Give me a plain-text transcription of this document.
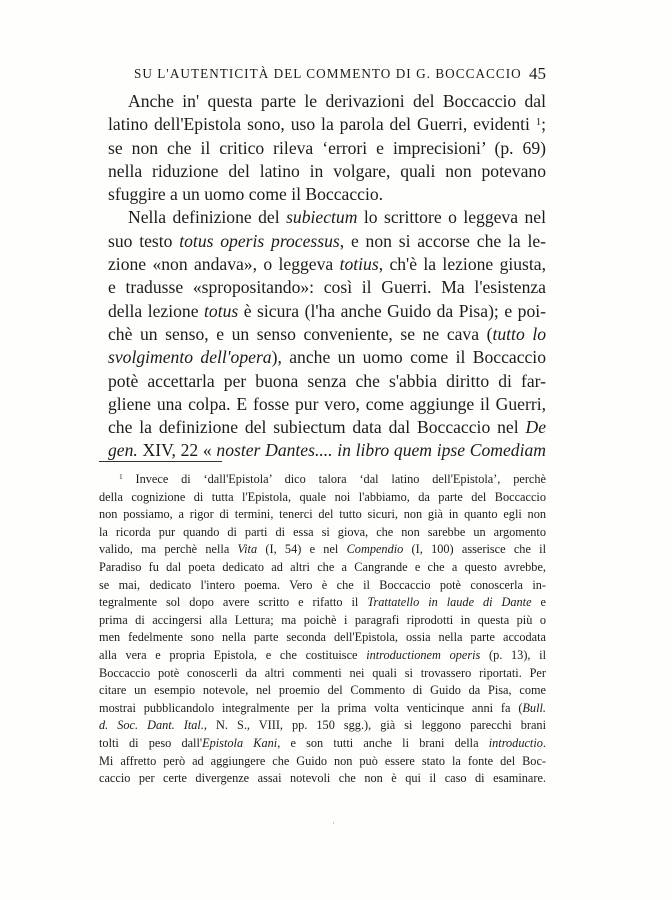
SU L'AUTENTICITÀ DEL COMMENTO DI G. BOCCACCIO 45
Anche in' questa parte le derivazioni del Boccaccio dal
latino dell'Epistola sono, uso la parola del Guerri, evidenti $^1$;
se non che il critico rileva ‘errori e imprecisioni’ (p. 69)
nella riduzione del latino in volgare, quali non potevano
sfuggire a un uomo come il Boccaccio.
Nella definizione del subiectum lo scrittore o leggeva nel
suo testo totus operis processus, e non si accorse che la le-
zione «non andava», o leggeva totius, ch'è la lezione giusta,
e tradusse «spropositando»: così il Guerri. Ma l'esistenza
della lezione totus è sicura (l'ha anche Guido da Pisa); e poi-
chè un senso, e un senso conveniente, se ne cava (tutto lo
svolgimento dell'opera), anche un uomo come il Boccaccio
potè accettarla per buona senza che s'abbia diritto di far-
gliene una colpa. E fosse pur vero, come aggiunge il Guerri,
che la definizione del subiectum data dal Boccaccio nel De
gen. XIV, 22 « noster Dantes.... in libro quem ipse Comediam
$^1$ Invece di ‘dall'Epistola’ dico talora ‘dal latino dell'Epistola’, perchè
della cognizione di tutta l'Epistola, quale noi l'abbiamo, da parte del Boccaccio
non possiamo, a rigor di termini, tenerci del tutto sicuri, non già in quanto egli non
la ricorda pur quando di parti di essa si giova, che non sarebbe un argomento
valido, ma perchè nella Vita (I, 54) e nel Compendio (I, 100) asserisce che il
Paradiso fu dal poeta dedicato ad altri che a Cangrande e che a questo avrebbe,
se mai, dedicato l'intero poema. Vero è che il Boccaccio potè conoscerla in-
tegralmente sol dopo avere scritto e rifatto il Trattatello in laude di Dante e
prima di accingersi alla Lettura; ma poichè i paragrafi riprodotti in questa più o
men fedelmente sono nella parte seconda dell'Epistola, ossia nella parte accodata
alla vera e propria Epistola, e che costituisce introductionem operis (p. 13), il
Boccaccio potè conoscerli da altri commenti nei quali si trovassero riportati. Per
citare un esempio notevole, nel proemio del Commento di Guido da Pisa, come
mostrai pubblicandolo integralmente per la prima volta venticinque anni fa (Bull.
d. Soc. Dant. Ital., N. S., VIII, pp. 150 sgg.), già si leggono parecchi brani
tolti di peso dall'Epistola Kani, e son tutti anche li brani della introductio.
Mi affretto però ad aggiungere che Guido non può essere stato la fonte del Boc-
caccio per certe divergenze assai notevoli che non è qui il caso di esaminare.
·
